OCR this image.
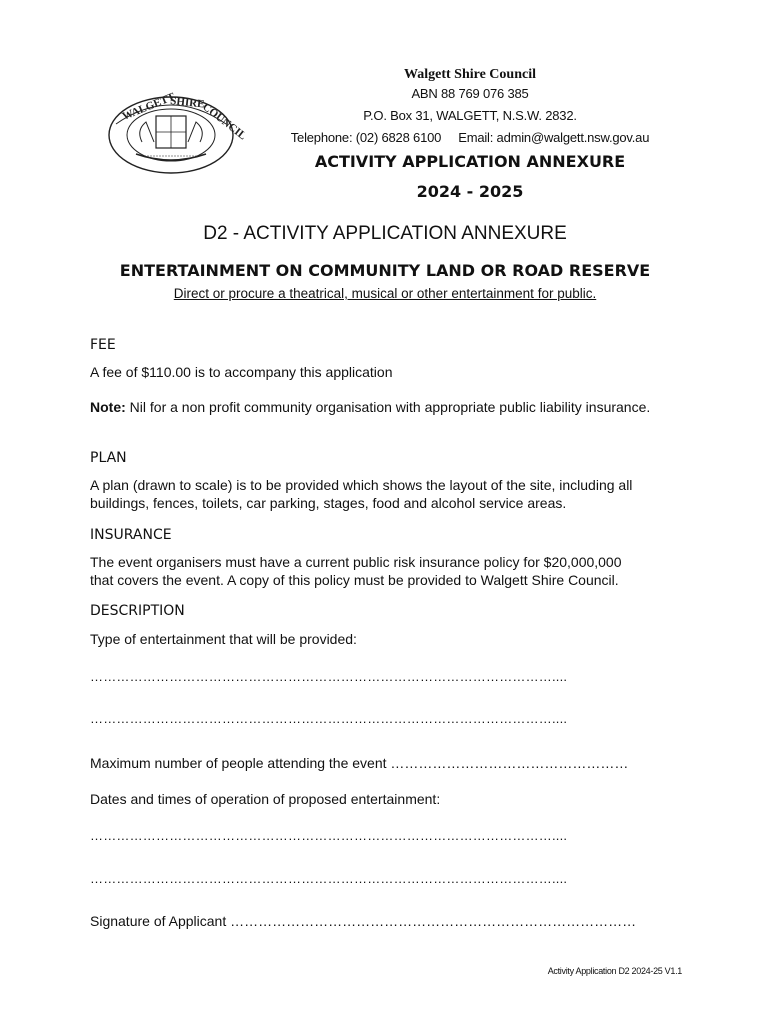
WALGETT
SHIRE
COUNCIL
Walgett Shire Council
ABN 88 769 076 385
P.O. Box 31, WALGETT, N.S.W. 2832.
Telephone: (02) 6828 6100 Email: admin@walgett.nsw.gov.au
ACTIVITY APPLICATION ANNEXURE
2024 - 2025
D2 - ACTIVITY APPLICATION ANNEXURE
ENTERTAINMENT ON COMMUNITY LAND OR ROAD RESERVE
Direct or procure a theatrical, musical or other entertainment for public.
FEE
A fee of $110.00 is to accompany this application
Note: Nil for a non profit community organisation with appropriate public liability insurance.
PLAN
A plan (drawn to scale) is to be provided which shows the layout of the site, including all buildings, fences, toilets, car parking, stages, food and alcohol service areas.
INSURANCE
The event organisers must have a current public risk insurance policy for $20,000,000
that covers the event. A copy of this policy must be provided to Walgett Shire Council.
DESCRIPTION
Type of entertainment that will be provided:
……………………………………………………………………………………………....
……………………………………………………………………………………………....
Maximum number of people attending the event ……………………………………………
Dates and times of operation of proposed entertainment:
……………………………………………………………………………………………....
……………………………………………………………………………………………....
Signature of Applicant ……………………………………………………………………………
Activity Application D2 2024-25 V1.1
